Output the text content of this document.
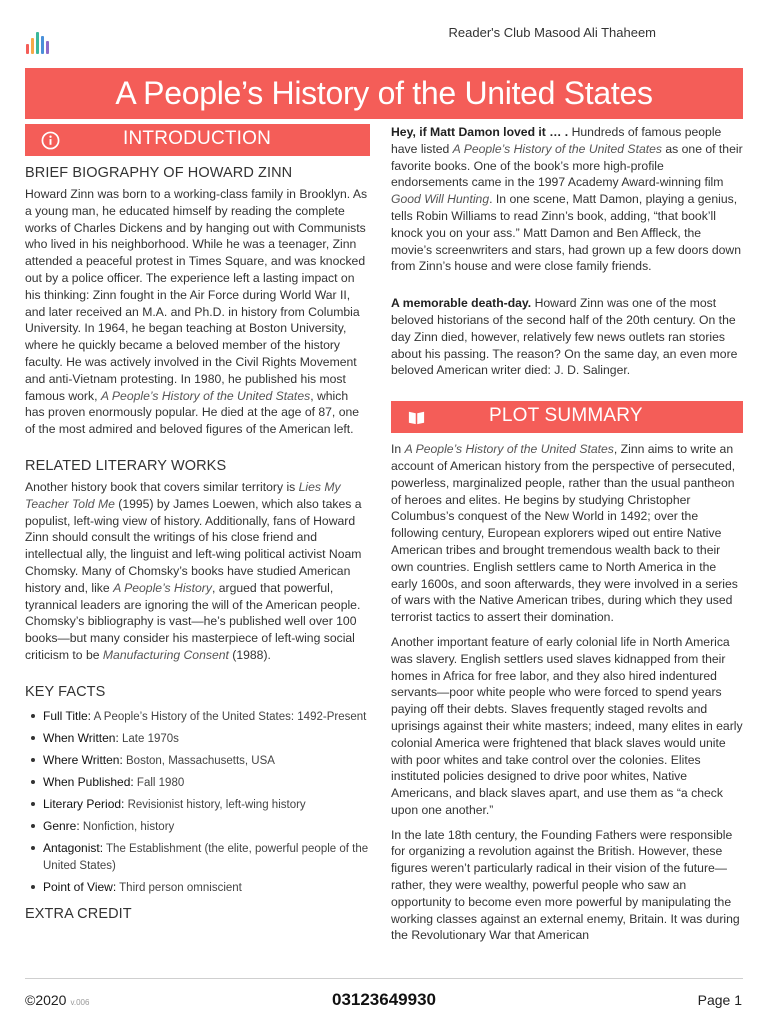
Reader's Club Masood Ali Thaheem
A People’s History of the United States
INTRODUCTION
BRIEF BIOGRAPHY OF HOWARD ZINN

Howard Zinn was born to a working-class family in Brooklyn. As a young man, he educated himself by reading the complete works of Charles Dickens and by hanging out with Communists who lived in his neighborhood. While he was a teenager, Zinn attended a peaceful protest in Times Square, and was knocked out by a police officer. The experience left a lasting impact on his thinking: Zinn fought in the Air Force during World War II, and later received an M.A. and Ph.D. in history from Columbia University. In 1964, he began teaching at Boston University, where he quickly became a beloved member of the history faculty. He was actively involved in the Civil Rights Movement and anti-Vietnam protesting. In 1980, he published his most famous work, A People’s History of the United States, which has proven enormously popular. He died at the age of 87, one of the most admired and beloved figures of the American left.

RELATED LITERARY WORKS

Another history book that covers similar territory is Lies My Teacher Told Me (1995) by James Loewen, which also takes a populist, left-wing view of history. Additionally, fans of Howard Zinn should consult the writings of his close friend and intellectual ally, the linguist and left-wing political activist Noam Chomsky. Many of Chomsky’s books have studied American history and, like A People’s History, argued that powerful, tyrannical leaders are ignoring the will of the American people. Chomsky’s bibliography is vast—he’s published well over 100 books—but many consider his masterpiece of left-wing social criticism to be Manufacturing Consent (1988).

KEY FACTS
Full Title: A People’s History of the United States: 1492-Present
When Written: Late 1970s
Where Written: Boston, Massachusetts, USA
When Published: Fall 1980
Literary Period: Revisionist history, left-wing history
Genre: Nonfiction, history
Antagonist: The Establishment (the elite, powerful people of the United States)
Point of View: Third person omniscient
EXTRA CREDIT

Hey, if Matt Damon loved it … . Hundreds of famous people have listed A People’s History of the United States as one of their favorite books. One of the book’s more high-profile endorsements came in the 1997 Academy Award-winning film Good Will Hunting. In one scene, Matt Damon, playing a genius, tells Robin Williams to read Zinn’s book, adding, “that book’ll knock you on your ass.” Matt Damon and Ben Affleck, the movie’s screenwriters and stars, had grown up a few doors down from Zinn’s house and were close family friends.

A memorable death-day. Howard Zinn was one of the most beloved historians of the second half of the 20th century. On the day Zinn died, however, relatively few news outlets ran stories about his passing. The reason? On the same day, an even more beloved American writer died: J. D. Salinger.

PLOT SUMMARY

In A People’s History of the United States, Zinn aims to write an account of American history from the perspective of persecuted, powerless, marginalized people, rather than the usual pantheon of heroes and elites. He begins by studying Christopher Columbus’s conquest of the New World in 1492; over the following century, European explorers wiped out entire Native American tribes and brought tremendous wealth back to their own countries. English settlers came to North America in the early 1600s, and soon afterwards, they were involved in a series of wars with the Native American tribes, during which they used terrorist tactics to assert their domination.

Another important feature of early colonial life in North America was slavery. English settlers used slaves kidnapped from their homes in Africa for free labor, and they also hired indentured servants—poor white people who were forced to spend years paying off their debts. Slaves frequently staged revolts and uprisings against their white masters; indeed, many elites in early colonial America were frightened that black slaves would unite with poor whites and take control over the colonies. Elites instituted policies designed to drive poor whites, Native Americans, and black slaves apart, and use them as “a check upon one another.”

In the late 18th century, the Founding Fathers were responsible for organizing a revolution against the British. However, these figures weren’t particularly radical in their vision of the future—rather, they were wealthy, powerful people who saw an opportunity to become even more powerful by manipulating the working classes against an external enemy, Britain. It was during the Revolutionary War that American

©2020 v.006	03123649930	Page 1
